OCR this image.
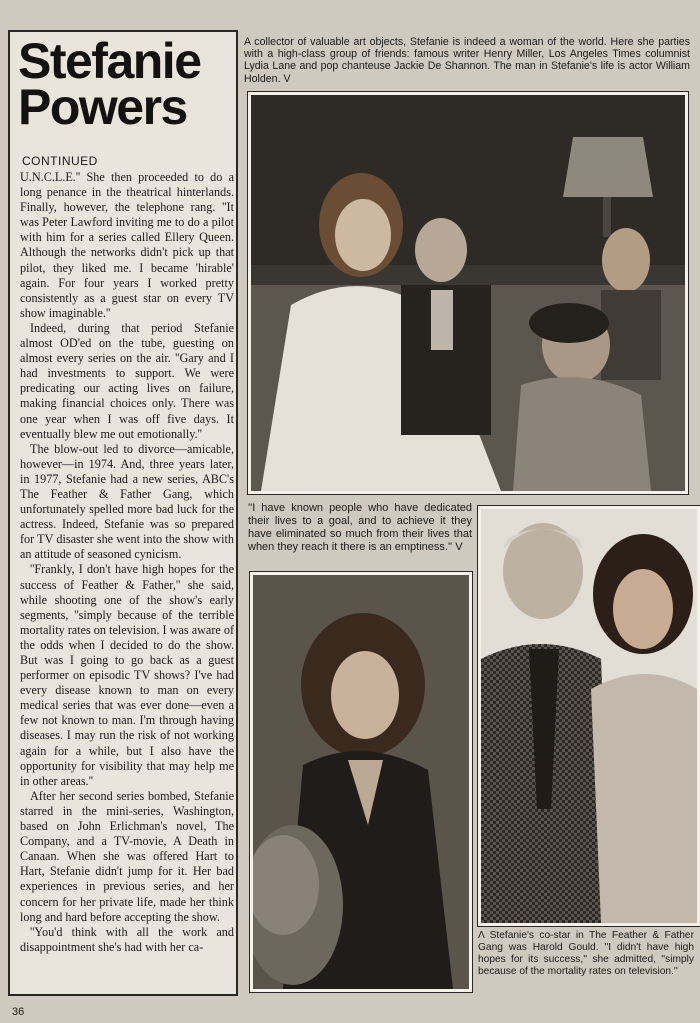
Stefanie
Powers
CONTINUED

U.N.C.L.E.'' She then proceeded to do a long penance in the theatrical hinterlands. Finally, however, the telephone rang. ''It was Peter Lawford inviting me to do a pilot with him for a series called Ellery Queen. Although the networks didn't pick up that pilot, they liked me. I became 'hirable' again. For four years I worked pretty consistently as a guest star on every TV show imaginable.''

Indeed, during that period Stefanie almost OD'ed on the tube, guesting on almost every series on the air. ''Gary and I had investments to support. We were predicating our acting lives on failure, making financial choices only. There was one year when I was off five days. It eventually blew me out emotionally.''

The blow-out led to divorce—amicable, however—in 1974. And, three years later, in 1977, Stefanie had a new series, ABC's The Feather & Father Gang, which unfortunately spelled more bad luck for the actress. Indeed, Stefanie was so prepared for TV disaster she went into the show with an attitude of seasoned cynicism.

''Frankly, I don't have high hopes for the success of Feather & Father,'' she said, while shooting one of the show's early segments, ''simply because of the terrible mortality rates on television. I was aware of the odds when I decided to do the show. But was I going to go back as a guest performer on episodic TV shows? I've had every disease known to man on every medical series that was ever done—even a few not known to man. I'm through having diseases. I may run the risk of not working again for a while, but I also have the opportunity for visibility that may help me in other areas.''

After her second series bombed, Stefanie starred in the mini-series, Washington, based on John Erlichman's novel, The Company, and a TV-movie, A Death in Canaan. When she was offered Hart to Hart, Stefanie didn't jump for it. Her bad experiences in previous series, and her concern for her private life, made her think long and hard before accepting the show.

''You'd think with all the work and disappointment she's had with her ca-

36
A collector of valuable art objects, Stefanie is indeed a woman of the world. Here she parties with a high-class group of friends: famous writer Henry Miller, Los Angeles Times columnist Lydia Lane and pop chanteuse Jackie De Shannon. The man in Stefanie's life is actor William Holden. V
''I have known people who have dedicated their lives to a goal, and to achieve it they have eliminated so much from their lives that when they reach it there is an emptiness.'' V
Λ Stefanie's co-star in The Feather & Father Gang was Harold Gould. ''I didn't have high hopes for its success,'' she admitted, ''simply because of the mortality rates on television.''
